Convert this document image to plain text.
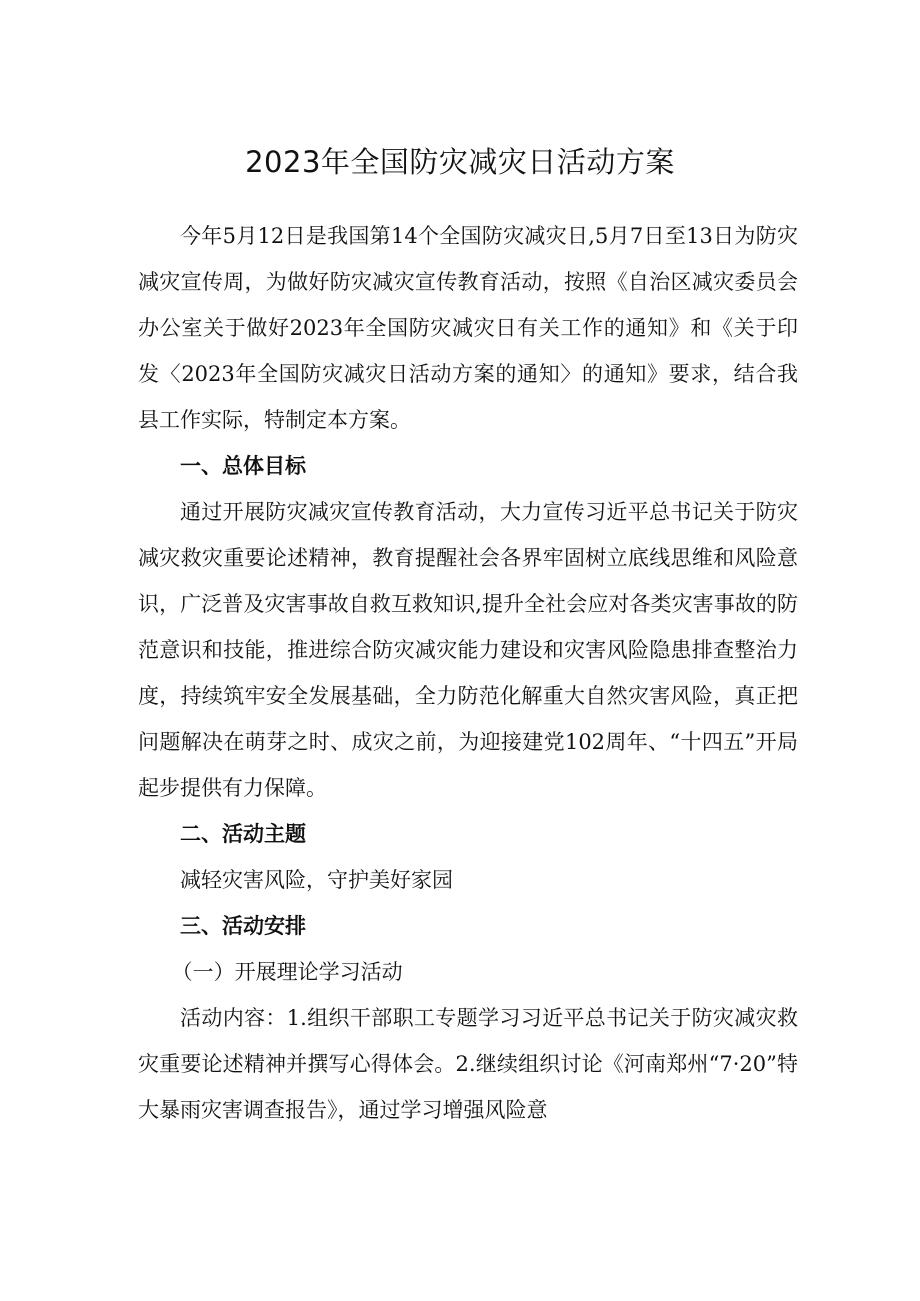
2023年全国防灾减灾日活动方案

今年5月12日是我国第14个全国防灾减灾日,5月7日至13日为防灾减灾宣传周，为做好防灾减灾宣传教育活动，按照《自治区减灾委员会办公室关于做好2023年全国防灾减灾日有关工作的通知》和《关于印发〈2023年全国防灾减灾日活动方案的通知〉的通知》要求，结合我县工作实际，特制定本方案。

一、总体目标

通过开展防灾减灾宣传教育活动，大力宣传习近平总书记关于防灾减灾救灾重要论述精神，教育提醒社会各界牢固树立底线思维和风险意识，广泛普及灾害事故自救互救知识,提升全社会应对各类灾害事故的防范意识和技能，推进综合防灾减灾能力建设和灾害风险隐患排查整治力度，持续筑牢安全发展基础，全力防范化解重大自然灾害风险，真正把问题解决在萌芽之时、成灾之前，为迎接建党102周年、“十四五”开局起步提供有力保障。

二、活动主题

减轻灾害风险，守护美好家园

三、活动安排

（一）开展理论学习活动

活动内容：1.组织干部职工专题学习习近平总书记关于防灾减灾救灾重要论述精神并撰写心得体会。2.继续组织讨论《河南郑州“7·20”特大暴雨灾害调查报告》，通过学习增强风险意
